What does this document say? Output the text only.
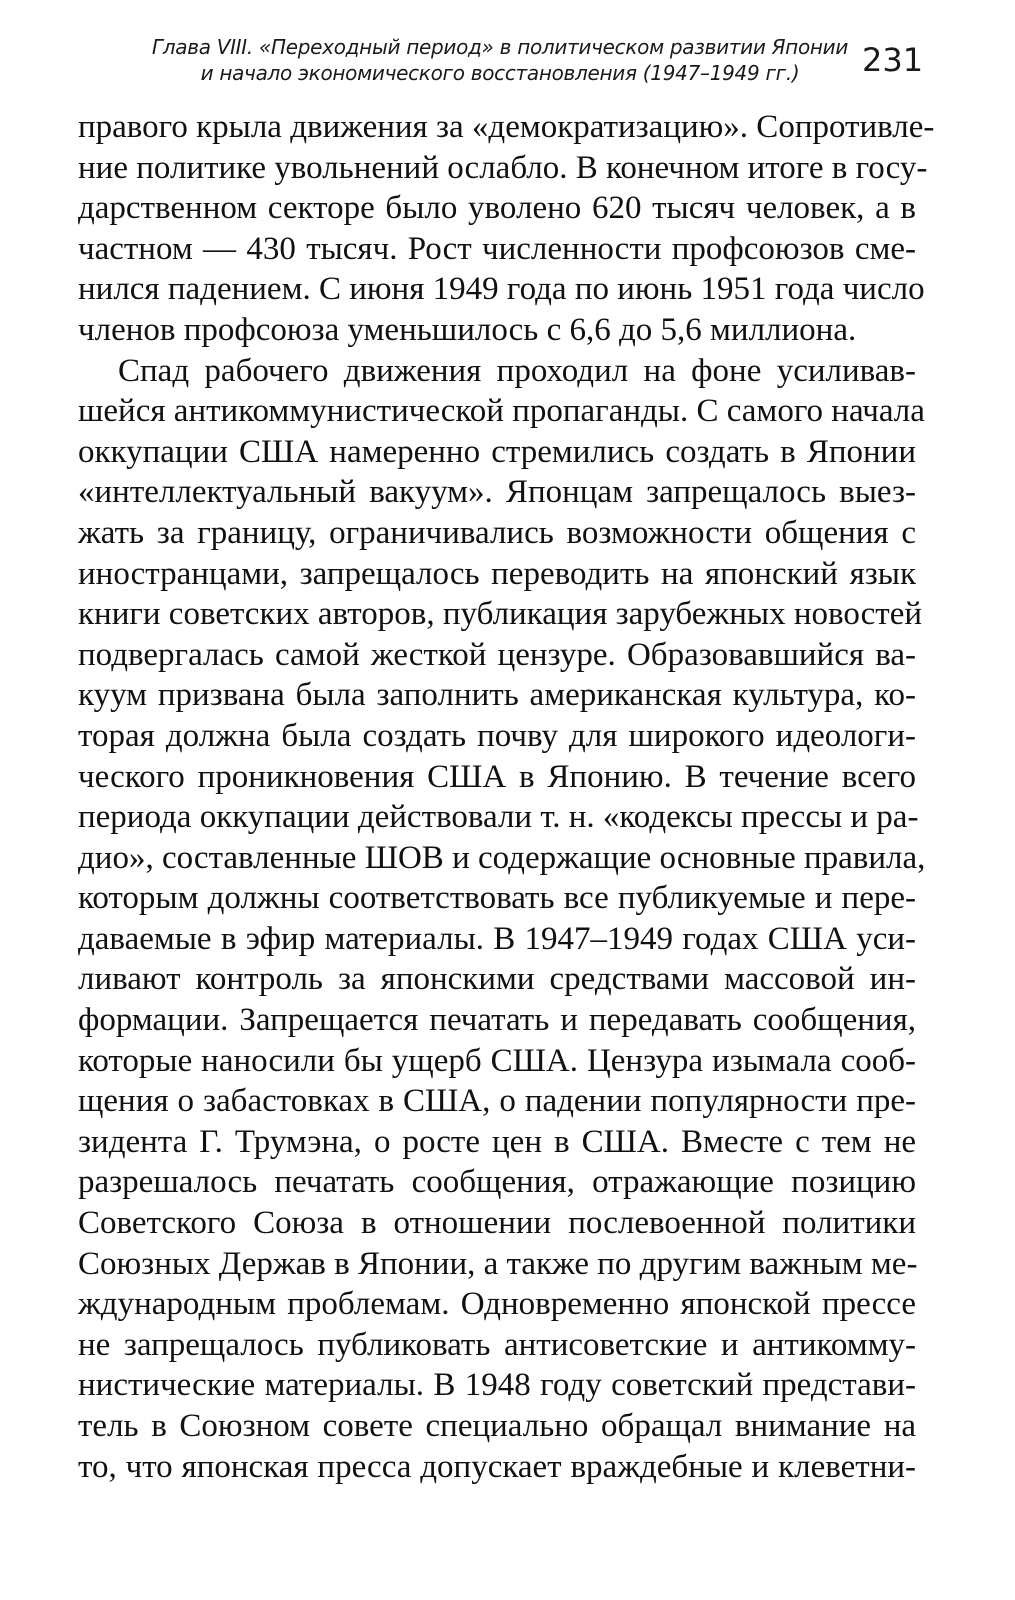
Глава VIII. «Переходный период» в политическом развитии Японии
и начало экономического восстановления (1947–1949 гг.)	231
правого крыла движения за «демократизацию». Сопротивле-
ние политике увольнений ослабло. В конечном итоге в госу-
дарственном секторе было уволено 620 тысяч человек, а в
частном — 430 тысяч. Рост численности профсоюзов сме-
нился падением. С июня 1949 года по июнь 1951 года число
членов профсоюза уменьшилось с 6,6 до 5,6 миллиона.
Спад рабочего движения проходил на фоне усиливав-
шейся антикоммунистической пропаганды. С самого начала
оккупации США намеренно стремились создать в Японии
«интеллектуальный вакуум». Японцам запрещалось выез-
жать за границу, ограничивались возможности общения с
иностранцами, запрещалось переводить на японский язык
книги советских авторов, публикация зарубежных новостей
подвергалась самой жесткой цензуре. Образовавшийся ва-
куум призвана была заполнить американская культура, ко-
торая должна была создать почву для широкого идеологи-
ческого проникновения США в Японию. В течение всего
периода оккупации действовали т. н. «кодексы прессы и ра-
дио», составленные ШОВ и содержащие основные правила,
которым должны соответствовать все публикуемые и пере-
даваемые в эфир материалы. В 1947–1949 годах США уси-
ливают контроль за японскими средствами массовой ин-
формации. Запрещается печатать и передавать сообщения,
которые наносили бы ущерб США. Цензура изымала сооб-
щения о забастовках в США, о падении популярности пре-
зидента Г. Трумэна, о росте цен в США. Вместе с тем не
разрешалось печатать сообщения, отражающие позицию
Советского Союза в отношении послевоенной политики
Союзных Держав в Японии, а также по другим важным ме-
ждународным проблемам. Одновременно японской прессе
не запрещалось публиковать антисоветские и антикомму-
нистические материалы. В 1948 году советский представи-
тель в Союзном совете специально обращал внимание на
то, что японская пресса допускает враждебные и клеветни-
